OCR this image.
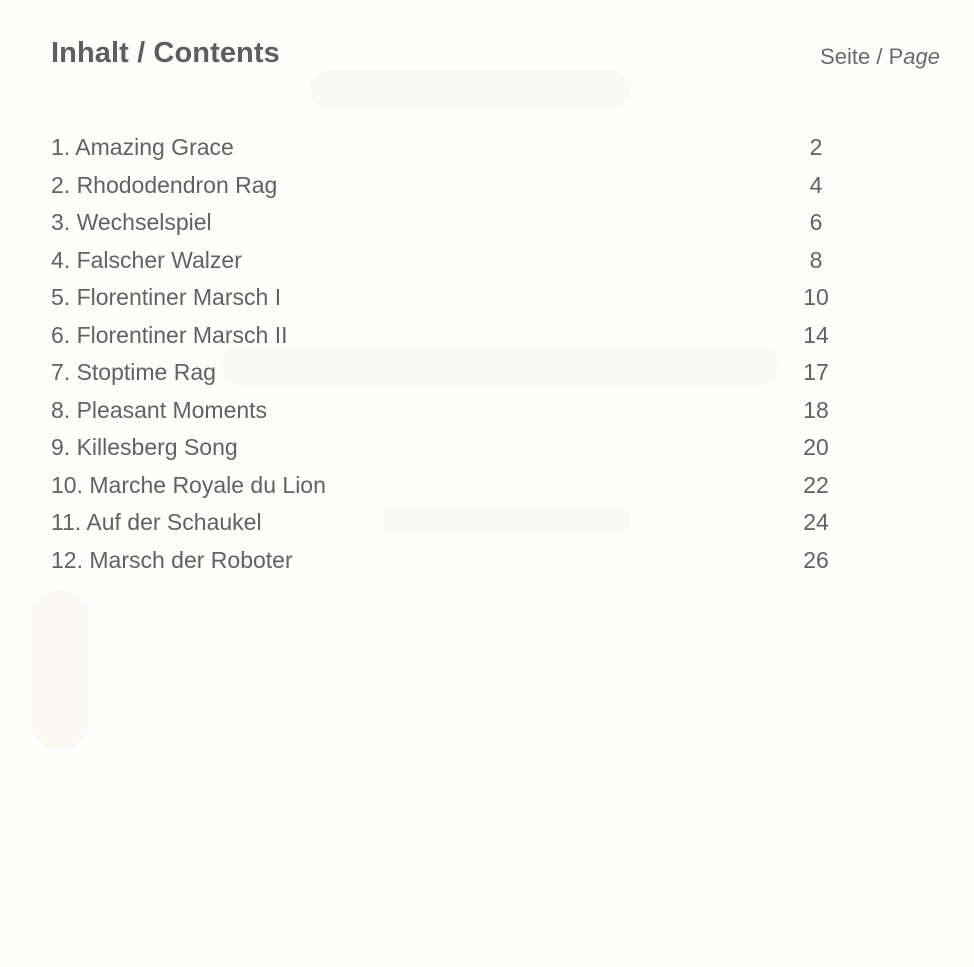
Inhalt / Contents	Seite / Page
1. Amazing Grace	2
2. Rhododendron Rag	4
3. Wechselspiel	6
4. Falscher Walzer	8
5. Florentiner Marsch I	10
6. Florentiner Marsch II	14
7. Stoptime Rag	17
8. Pleasant Moments	18
9. Killesberg Song	20
10. Marche Royale du Lion	22
11. Auf der Schaukel	24
12. Marsch der Roboter	26
